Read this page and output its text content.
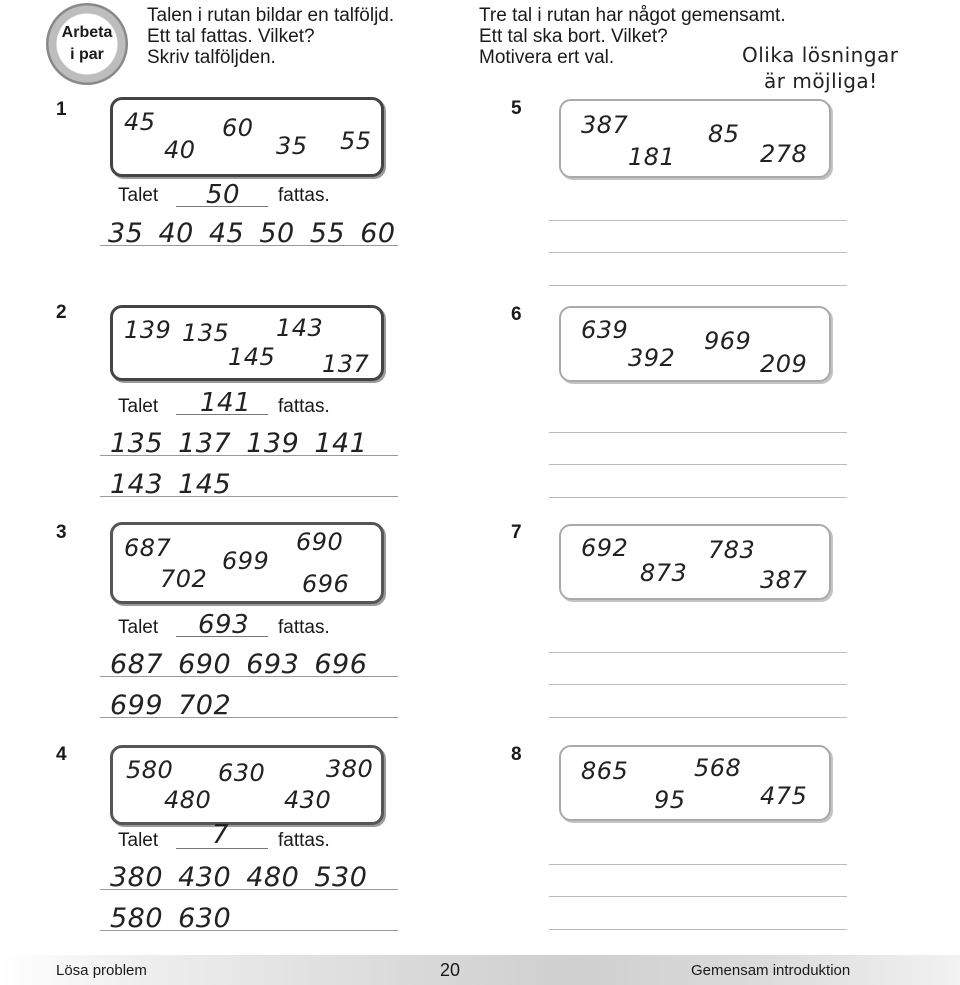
Arbeta
i par
Talen i rutan bildar en talföljd.
Ett tal fattas. Vilket?
Skriv talföljden.
Tre tal i rutan har något gemensamt.
Ett tal ska bort. Vilket?
Motivera ert val.	Olika lösningar
är möjliga!
1 45	60
40	35 55
Talet 50 fattas.
35 40 45 50 55 60
2
139 135 143
145 137
Talet 141 fattas.
135 137 139 141
143 145
3
687	690
699
702	696
Talet 693 fattas.
687 690 693 696
699 702
4
580 630	380
480	430
Talet 7	fattas.
380 430 480 530
580 630
5
387	85
181	278
6
639	969
392	209
7
692	783
873	387
8
865	568
95	475
Lösa problem	20	Gemensam introduktion
